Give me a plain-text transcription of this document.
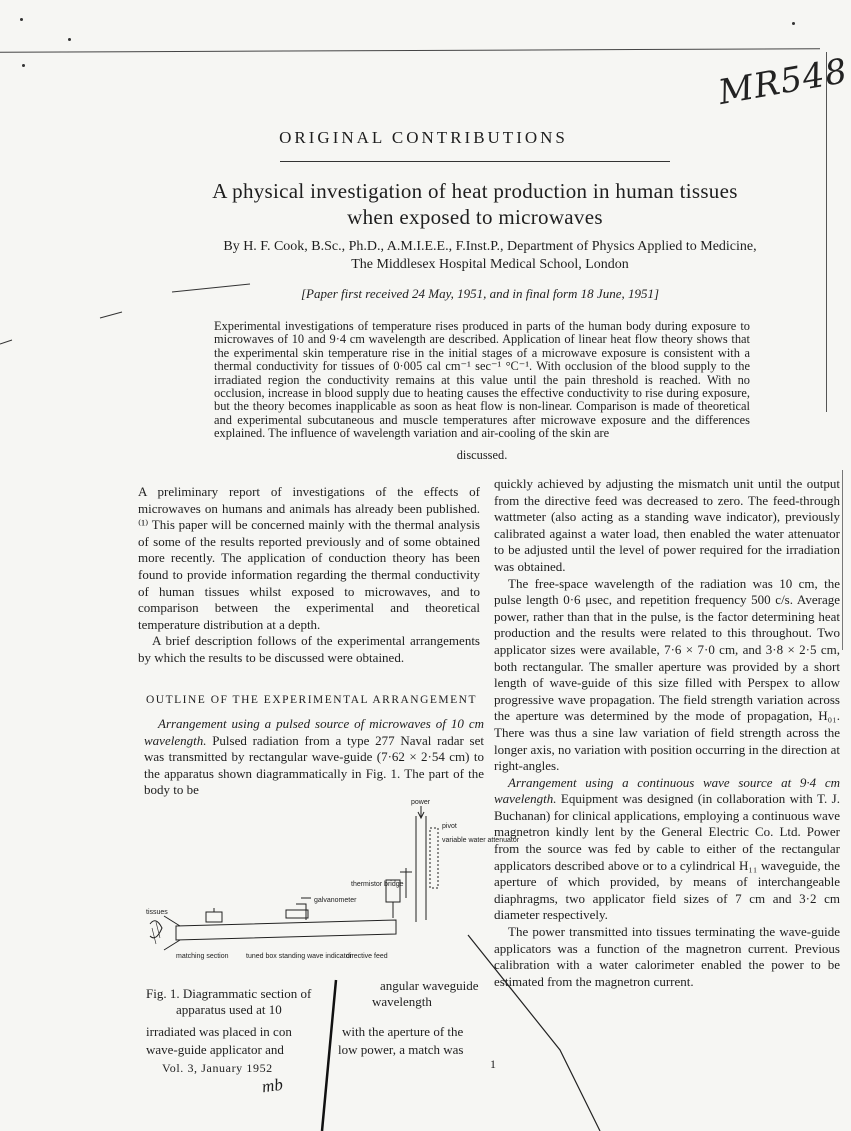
MR548
ORIGINAL CONTRIBUTIONS
A physical investigation of heat production in human tissues
when exposed to microwaves
By H. F. Cook, B.Sc., Ph.D., A.M.I.E.E., F.Inst.P., Department of Physics Applied to Medicine,
The Middlesex Hospital Medical School, London
[Paper first received 24 May, 1951, and in final form 18 June, 1951]
Experimental investigations of temperature rises produced in parts of the human body during exposure to microwaves of 10 and 9·4 cm wavelength are described. Application of linear heat flow theory shows that the experimental skin temperature rise in the initial stages of a microwave exposure is consistent with a thermal conductivity for tissues of 0·005 cal cm⁻¹ sec⁻¹ °C⁻¹. With occlusion of the blood supply to the irradiated region the conductivity remains at this value until the pain threshold is reached. With no occlusion, increase in blood supply due to heating causes the effective conductivity to rise during exposure, but the theory becomes inapplicable as soon as heat flow is non-linear. Comparison is made of theoretical and experimental subcutaneous and muscle temperatures after microwave exposure and the differences explained. The influence of wavelength variation and air-cooling of the skin are
discussed.

A preliminary report of investigations of the effects of microwaves on humans and animals has already been published.⁽¹⁾ This paper will be concerned mainly with the thermal analysis of some of the results reported previously and of some obtained more recently. The application of conduction theory has been found to provide information regarding the thermal conductivity of human tissues whilst exposed to microwaves, and to comparison between the experimental and theoretical temperature distribution at a depth.

A brief description follows of the experimental arrangements by which the results to be discussed were obtained.

OUTLINE OF THE EXPERIMENTAL ARRANGEMENT

Arrangement using a pulsed source of microwaves of 10 cm wavelength. Pulsed radiation from a type 277 Naval radar set was transmitted by rectangular wave-guide (7·62 × 2·54 cm) to the apparatus shown diagrammatically in Fig. 1. The part of the body to be

quickly achieved by adjusting the mismatch unit until the output from the directive feed was decreased to zero. The feed-through wattmeter (also acting as a standing wave indicator), previously calibrated against a water load, then enabled the water attenuator to be adjusted until the level of power required for the irradiation was obtained.

The free-space wavelength of the radiation was 10 cm, the pulse length 0·6 μsec, and repetition frequency 500 c/s. Average power, rather than that in the pulse, is the factor determining heat production and the results were related to this throughout. Two applicator sizes were available, 7·6 × 7·0 cm, and 3·8 × 2·5 cm, both rectangular. The smaller aperture was provided by a short length of wave-guide of this size filled with Perspex to allow progressive wave propagation. The field strength variation across the aperture was determined by the mode of propagation, H₀₁. There was thus a sine law variation of field strength across the longer axis, no variation with position occurring in the direction at right-angles.

Arrangement using a continuous wave source at 9·4 cm wavelength. Equipment was designed (in collaboration with T. J. Buchanan) for clinical applications, employing a continuous wave magnetron kindly lent by the General Electric Co. Ltd. Power from the source was fed by cable to either of the rectangular applicators described above or to a cylindrical H₁₁ waveguide, the aperture of which provided, by means of interchangeable diaphragms, two applicator field sizes of 7 cm and 3·2 cm diameter respectively.

The power transmitted into tissues terminating the wave-guide applicators was a function of the magnetron current. Previous calibration with a water calorimeter enabled the power to be estimated from the magnetron current.

power
pivot
variable water attenuator
thermistor bridge
galvanometer
tissues
matching section tuned box standing wave indicator
directive feed
Fig. 1. Diagrammatic section of
apparatus used at 10
angular waveguide
wavelength
irradiated was placed in con
wave-guide applicator and
with the aperture of the
low power, a match was
Vol. 3, January 1952	1
mb
